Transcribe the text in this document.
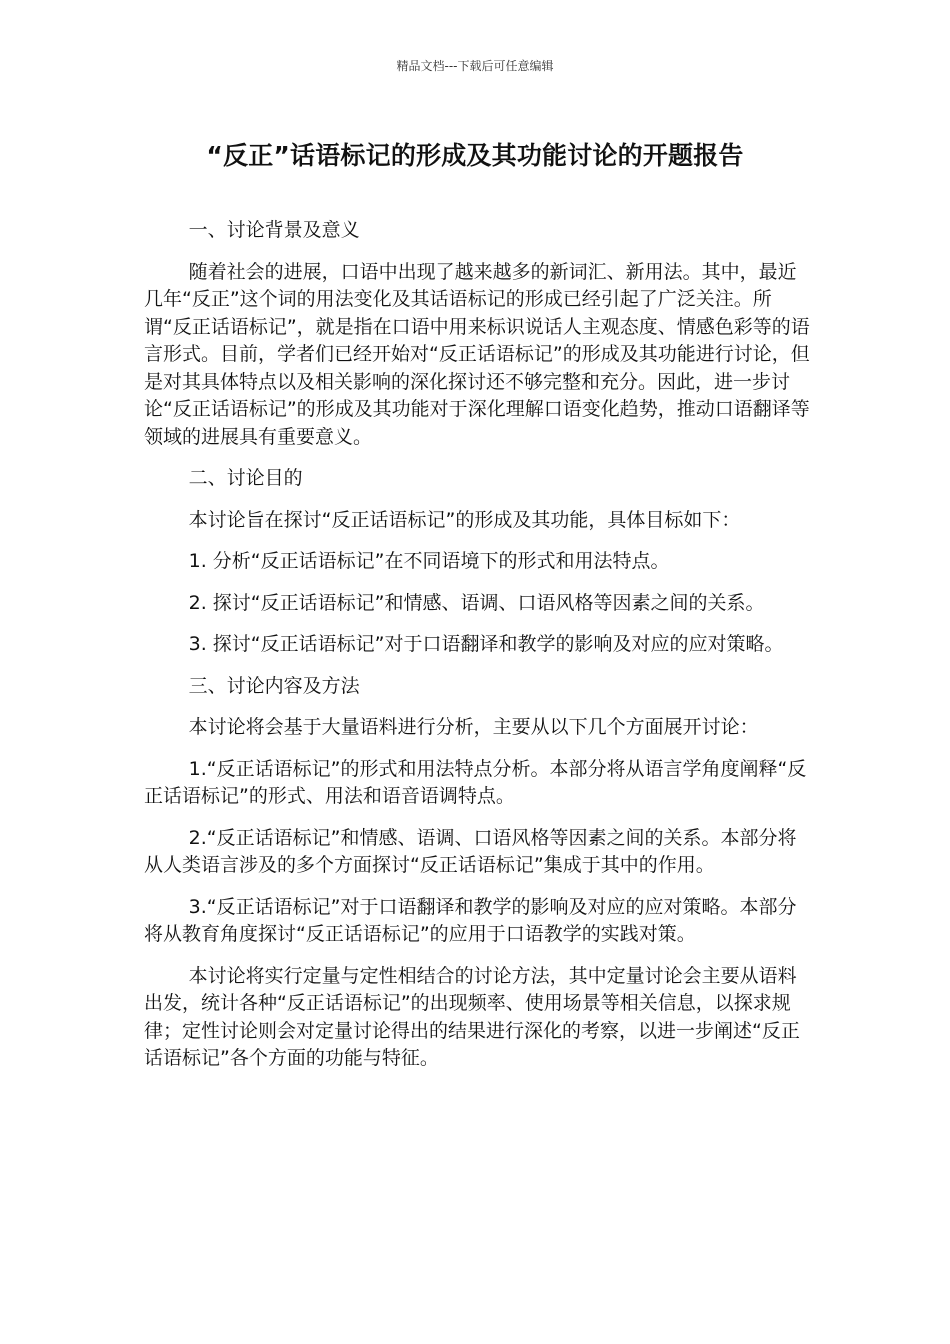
精品文档---下载后可任意编辑
“反正”话语标记的形成及其功能讨论的开题报告

一、讨论背景及意义

随着社会的进展，口语中出现了越来越多的新词汇、新用法。其中，最近几年“反正”这个词的用法变化及其话语标记的形成已经引起了广泛关注。所谓“反正话语标记”，就是指在口语中用来标识说话人主观态度、情感色彩等的语言形式。目前，学者们已经开始对“反正话语标记”的形成及其功能进行讨论，但是对其具体特点以及相关影响的深化探讨还不够完整和充分。因此，进一步讨论“反正话语标记”的形成及其功能对于深化理解口语变化趋势，推动口语翻译等领域的进展具有重要意义。

二、讨论目的

本讨论旨在探讨“反正话语标记”的形成及其功能，具体目标如下：

1. 分析“反正话语标记”在不同语境下的形式和用法特点。

2. 探讨“反正话语标记”和情感、语调、口语风格等因素之间的关系。

3. 探讨“反正话语标记”对于口语翻译和教学的影响及对应的应对策略。

三、讨论内容及方法

本讨论将会基于大量语料进行分析，主要从以下几个方面展开讨论：

1.“反正话语标记”的形式和用法特点分析。本部分将从语言学角度阐释“反正话语标记”的形式、用法和语音语调特点。

2.“反正话语标记”和情感、语调、口语风格等因素之间的关系。本部分将从人类语言涉及的多个方面探讨“反正话语标记”集成于其中的作用。

3.“反正话语标记”对于口语翻译和教学的影响及对应的应对策略。本部分将从教育角度探讨“反正话语标记”的应用于口语教学的实践对策。

本讨论将实行定量与定性相结合的讨论方法，其中定量讨论会主要从语料出发，统计各种“反正话语标记”的出现频率、使用场景等相关信息，以探求规律；定性讨论则会对定量讨论得出的结果进行深化的考察，以进一步阐述“反正话语标记”各个方面的功能与特征。
